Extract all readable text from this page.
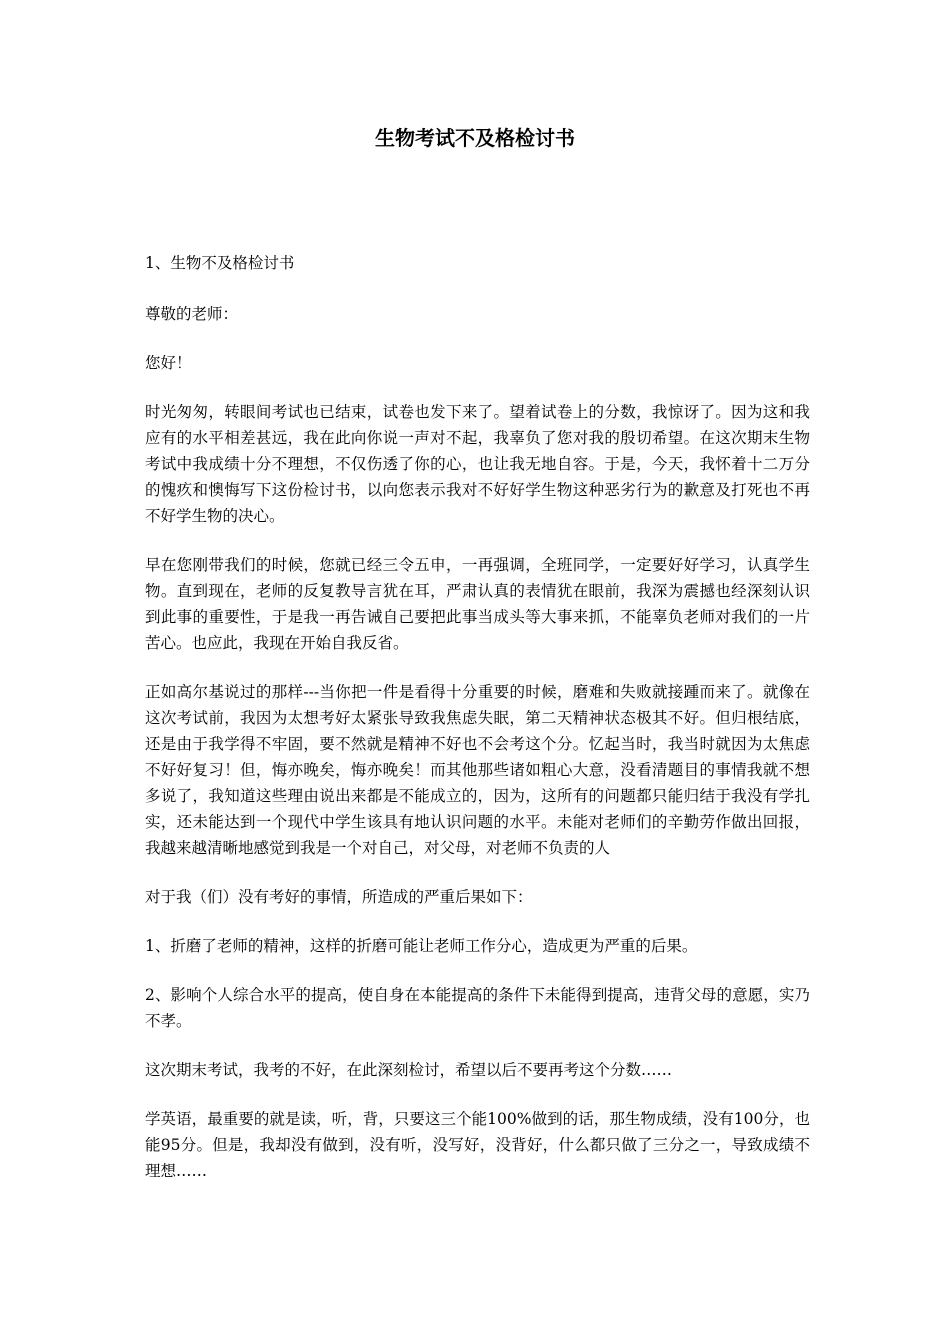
生物考试不及格检讨书

1、生物不及格检讨书

尊敬的老师：

您好！

时光匆匆，转眼间考试也已结束，试卷也发下来了。望着试卷上的分数，我惊讶了。因为这和我应有的水平相差甚远，我在此向你说一声对不起，我辜负了您对我的殷切希望。在这次期末生物考试中我成绩十分不理想，不仅伤透了你的心，也让我无地自容。于是，今天，我怀着十二万分的愧疚和懊悔写下这份检讨书，以向您表示我对不好好学生物这种恶劣行为的歉意及打死也不再不好学生物的决心。

早在您刚带我们的时候，您就已经三令五申，一再强调，全班同学，一定要好好学习，认真学生物。直到现在，老师的反复教导言犹在耳，严肃认真的表情犹在眼前，我深为震撼也经深刻认识到此事的重要性，于是我一再告诫自己要把此事当成头等大事来抓，不能辜负老师对我们的一片苦心。也应此，我现在开始自我反省。

正如高尔基说过的那样---当你把一件是看得十分重要的时候，磨难和失败就接踵而来了。就像在这次考试前，我因为太想考好太紧张导致我焦虑失眠，第二天精神状态极其不好。但归根结底，还是由于我学得不牢固，要不然就是精神不好也不会考这个分。忆起当时，我当时就因为太焦虑不好好复习！但，悔亦晚矣，悔亦晚矣！而其他那些诸如粗心大意，没看清题目的事情我就不想多说了，我知道这些理由说出来都是不能成立的，因为，这所有的问题都只能归结于我没有学扎实，还未能达到一个现代中学生该具有地认识问题的水平。未能对老师们的辛勤劳作做出回报，我越来越清晰地感觉到我是一个对自己，对父母，对老师不负责的人

对于我（们）没有考好的事情，所造成的严重后果如下：

1、折磨了老师的精神，这样的折磨可能让老师工作分心，造成更为严重的后果。

2、影响个人综合水平的提高，使自身在本能提高的条件下未能得到提高，违背父母的意愿，实乃不孝。

这次期末考试，我考的不好，在此深刻检讨，希望以后不要再考这个分数……

学英语，最重要的就是读，听，背，只要这三个能100%做到的话，那生物成绩，没有100分，也能95分。但是，我却没有做到，没有听，没写好，没背好，什么都只做了三分之一，导致成绩不理想……
